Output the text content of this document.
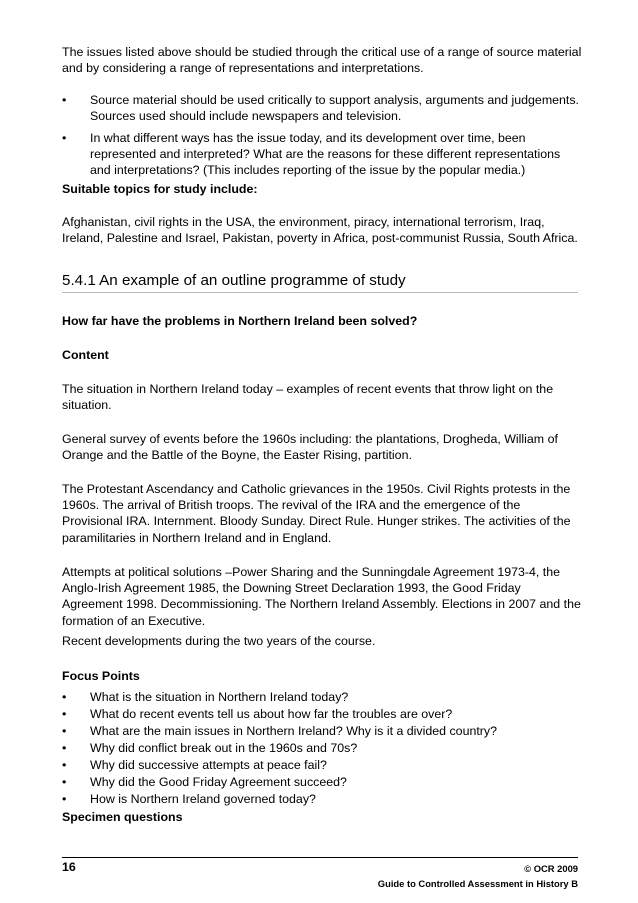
The issues listed above should be studied through the critical use of a range of source material and by considering a range of representations and interpretations.

•	Source material should be used critically to support analysis, arguments and judgements. Sources used should include newspapers and television.
•	In what different ways has the issue today, and its development over time, been represented and interpreted? What are the reasons for these different representations and interpretations? (This includes reporting of the issue by the popular media.)

Suitable topics for study include:

Afghanistan, civil rights in the USA, the environment, piracy, international terrorism, Iraq, Ireland, Palestine and Israel, Pakistan, poverty in Africa, post-communist Russia, South Africa.

5.4.1 An example of an outline programme of study

How far have the problems in Northern Ireland been solved?

Content

The situation in Northern Ireland today – examples of recent events that throw light on the situation.

General survey of events before the 1960s including: the plantations, Drogheda, William of Orange and the Battle of the Boyne, the Easter Rising, partition.

The Protestant Ascendancy and Catholic grievances in the 1950s. Civil Rights protests in the 1960s. The arrival of British troops. The revival of the IRA and the emergence of the Provisional IRA. Internment. Bloody Sunday. Direct Rule. Hunger strikes. The activities of the paramilitaries in Northern Ireland and in England.

Attempts at political solutions –Power Sharing and the Sunningdale Agreement 1973-4, the Anglo-Irish Agreement 1985, the Downing Street Declaration 1993, the Good Friday Agreement 1998. Decommissioning. The Northern Ireland Assembly. Elections in 2007 and the formation of an Executive.

Recent developments during the two years of the course.

Focus Points

•	What is the situation in Northern Ireland today?
•	What do recent events tell us about how far the troubles are over?
•	What are the main issues in Northern Ireland? Why is it a divided country?
•	Why did conflict break out in the 1960s and 70s?
•	Why did successive attempts at peace fail?
•	Why did the Good Friday Agreement succeed?
•	How is Northern Ireland governed today?

Specimen questions

16	© OCR 2009
Guide to Controlled Assessment in History B
